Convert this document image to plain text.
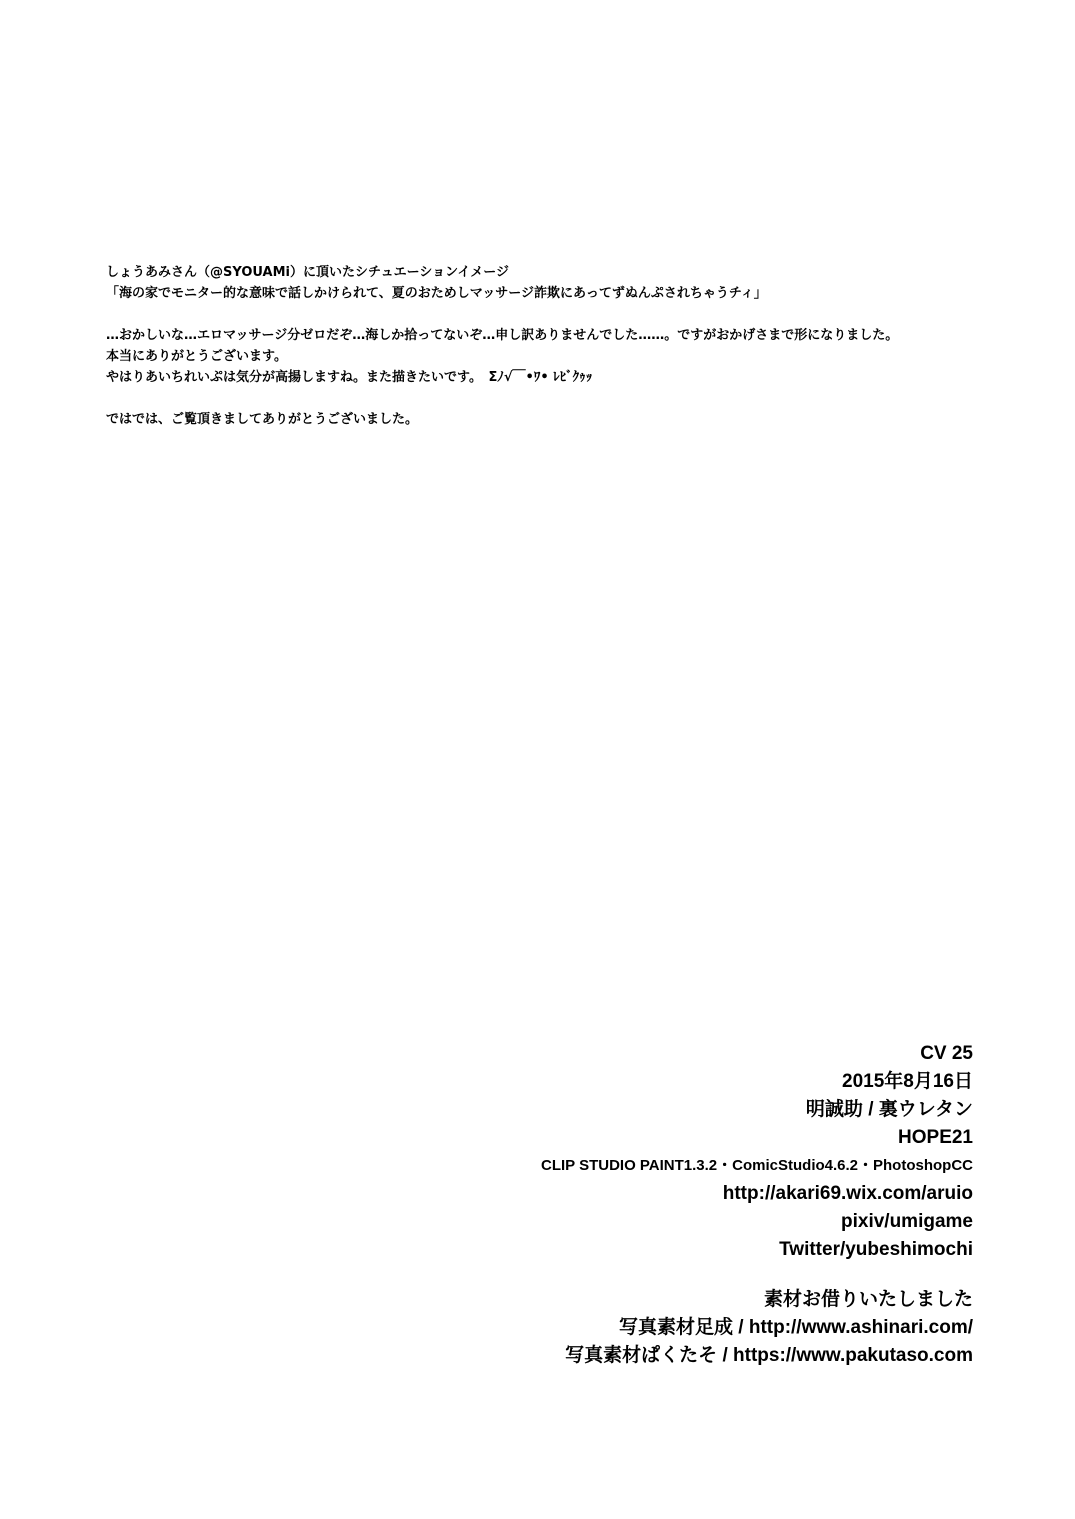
しょうあみさん（@SYOUAMi）に頂いたシチュエーションイメージ

「海の家でモニター的な意味で話しかけられて、夏のおためしマッサージ詐欺にあってずぬんぷされちゃうチィ」

…おかしいな…エロマッサージ分ゼロだぞ…海しか拾ってないぞ…申し訳ありませんでした……。ですがおかげさまで形になりました。

本当にありがとうございます。

やはりあいちれいぷは気分が高揚しますね。また描きたいです。　Σﾉ√￣•ﾜ• ﾚﾋﾞｸｩｯ

ではでは、ご覧頂きましてありがとうございました。

CV 25
2015年8月16日
明誠助 / 裏ウレタン
HOPE21
CLIP STUDIO PAINT1.3.2・ComicStudio4.6.2・PhotoshopCC
http://akari69.wix.com/aruio
pixiv/umigame
Twitter/yubeshimochi
素材お借りいたしました
写真素材足成 / http://www.ashinari.com/
写真素材ぱくたそ / https://www.pakutaso.com
